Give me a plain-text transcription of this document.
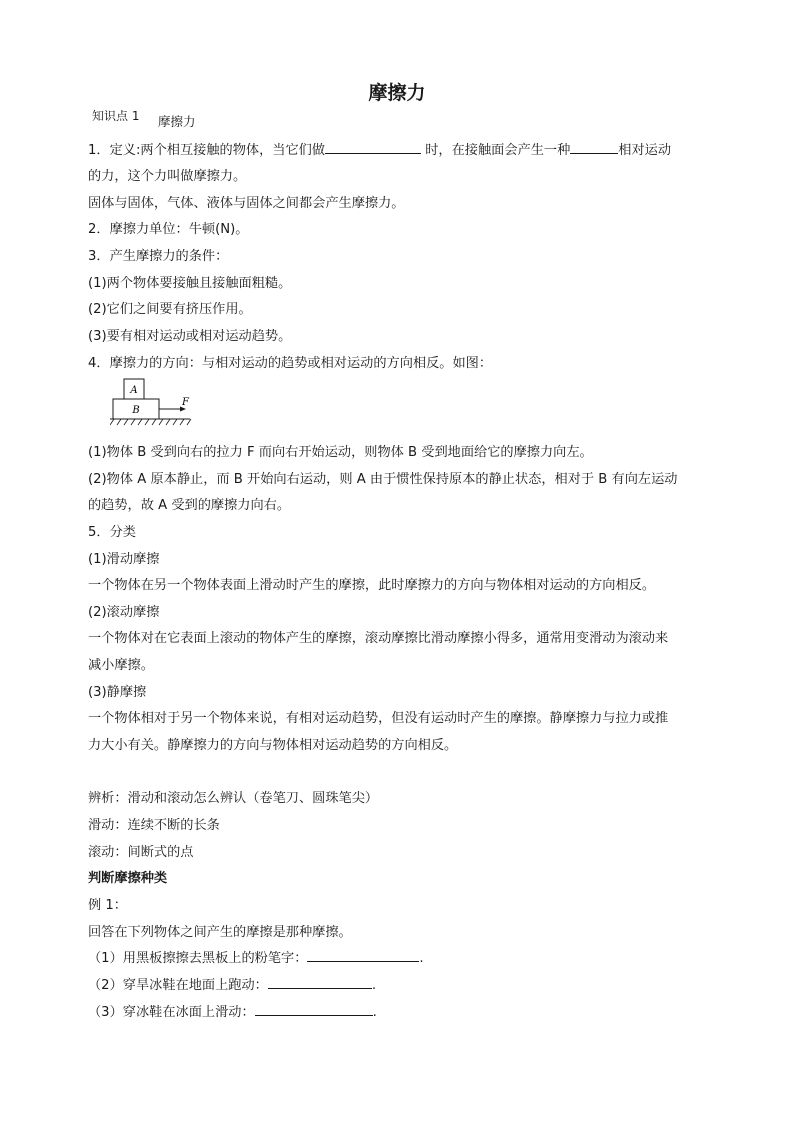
摩擦力
知识点 1 摩擦力
1．定义:两个相互接触的物体，当它们做	时，在接触面会产生一种	相对运动
的力，这个力叫做摩擦力。
固体与固体，气体、液体与固体之间都会产生摩擦力。
2．摩擦力单位：牛顿(N)。
3．产生摩擦力的条件：
(1)两个物体要接触且接触面粗糙。
(2)它们之间要有挤压作用。
(3)要有相对运动或相对运动趋势。
4．摩擦力的方向：与相对运动的趋势或相对运动的方向相反。如图：
A
B
F
(1)物体 B 受到向右的拉力 F 而向右开始运动，则物体 B 受到地面给它的摩擦力向左。
(2)物体 A 原本静止，而 B 开始向右运动，则 A 由于惯性保持原本的静止状态，相对于 B 有向左运动
的趋势，故 A 受到的摩擦力向右。
5．分类
(1)滑动摩擦
一个物体在另一个物体表面上滑动时产生的摩擦，此时摩擦力的方向与物体相对运动的方向相反。
(2)滚动摩擦
一个物体对在它表面上滚动的物体产生的摩擦，滚动摩擦比滑动摩擦小得多，通常用变滑动为滚动来
减小摩擦。
(3)静摩擦
一个物体相对于另一个物体来说，有相对运动趋势，但没有运动时产生的摩擦。静摩擦力与拉力或推
力大小有关。静摩擦力的方向与物体相对运动趋势的方向相反。
辨析：滑动和滚动怎么辨认（卷笔刀、圆珠笔尖）
滑动：连续不断的长条
滚动：间断式的点
判断摩擦种类
例 1：
回答在下列物体之间产生的摩擦是那种摩擦。
（1）用黑板擦擦去黑板上的粉笔字：	.
（2）穿旱冰鞋在地面上跑动：	.
（3）穿冰鞋在冰面上滑动：	.
